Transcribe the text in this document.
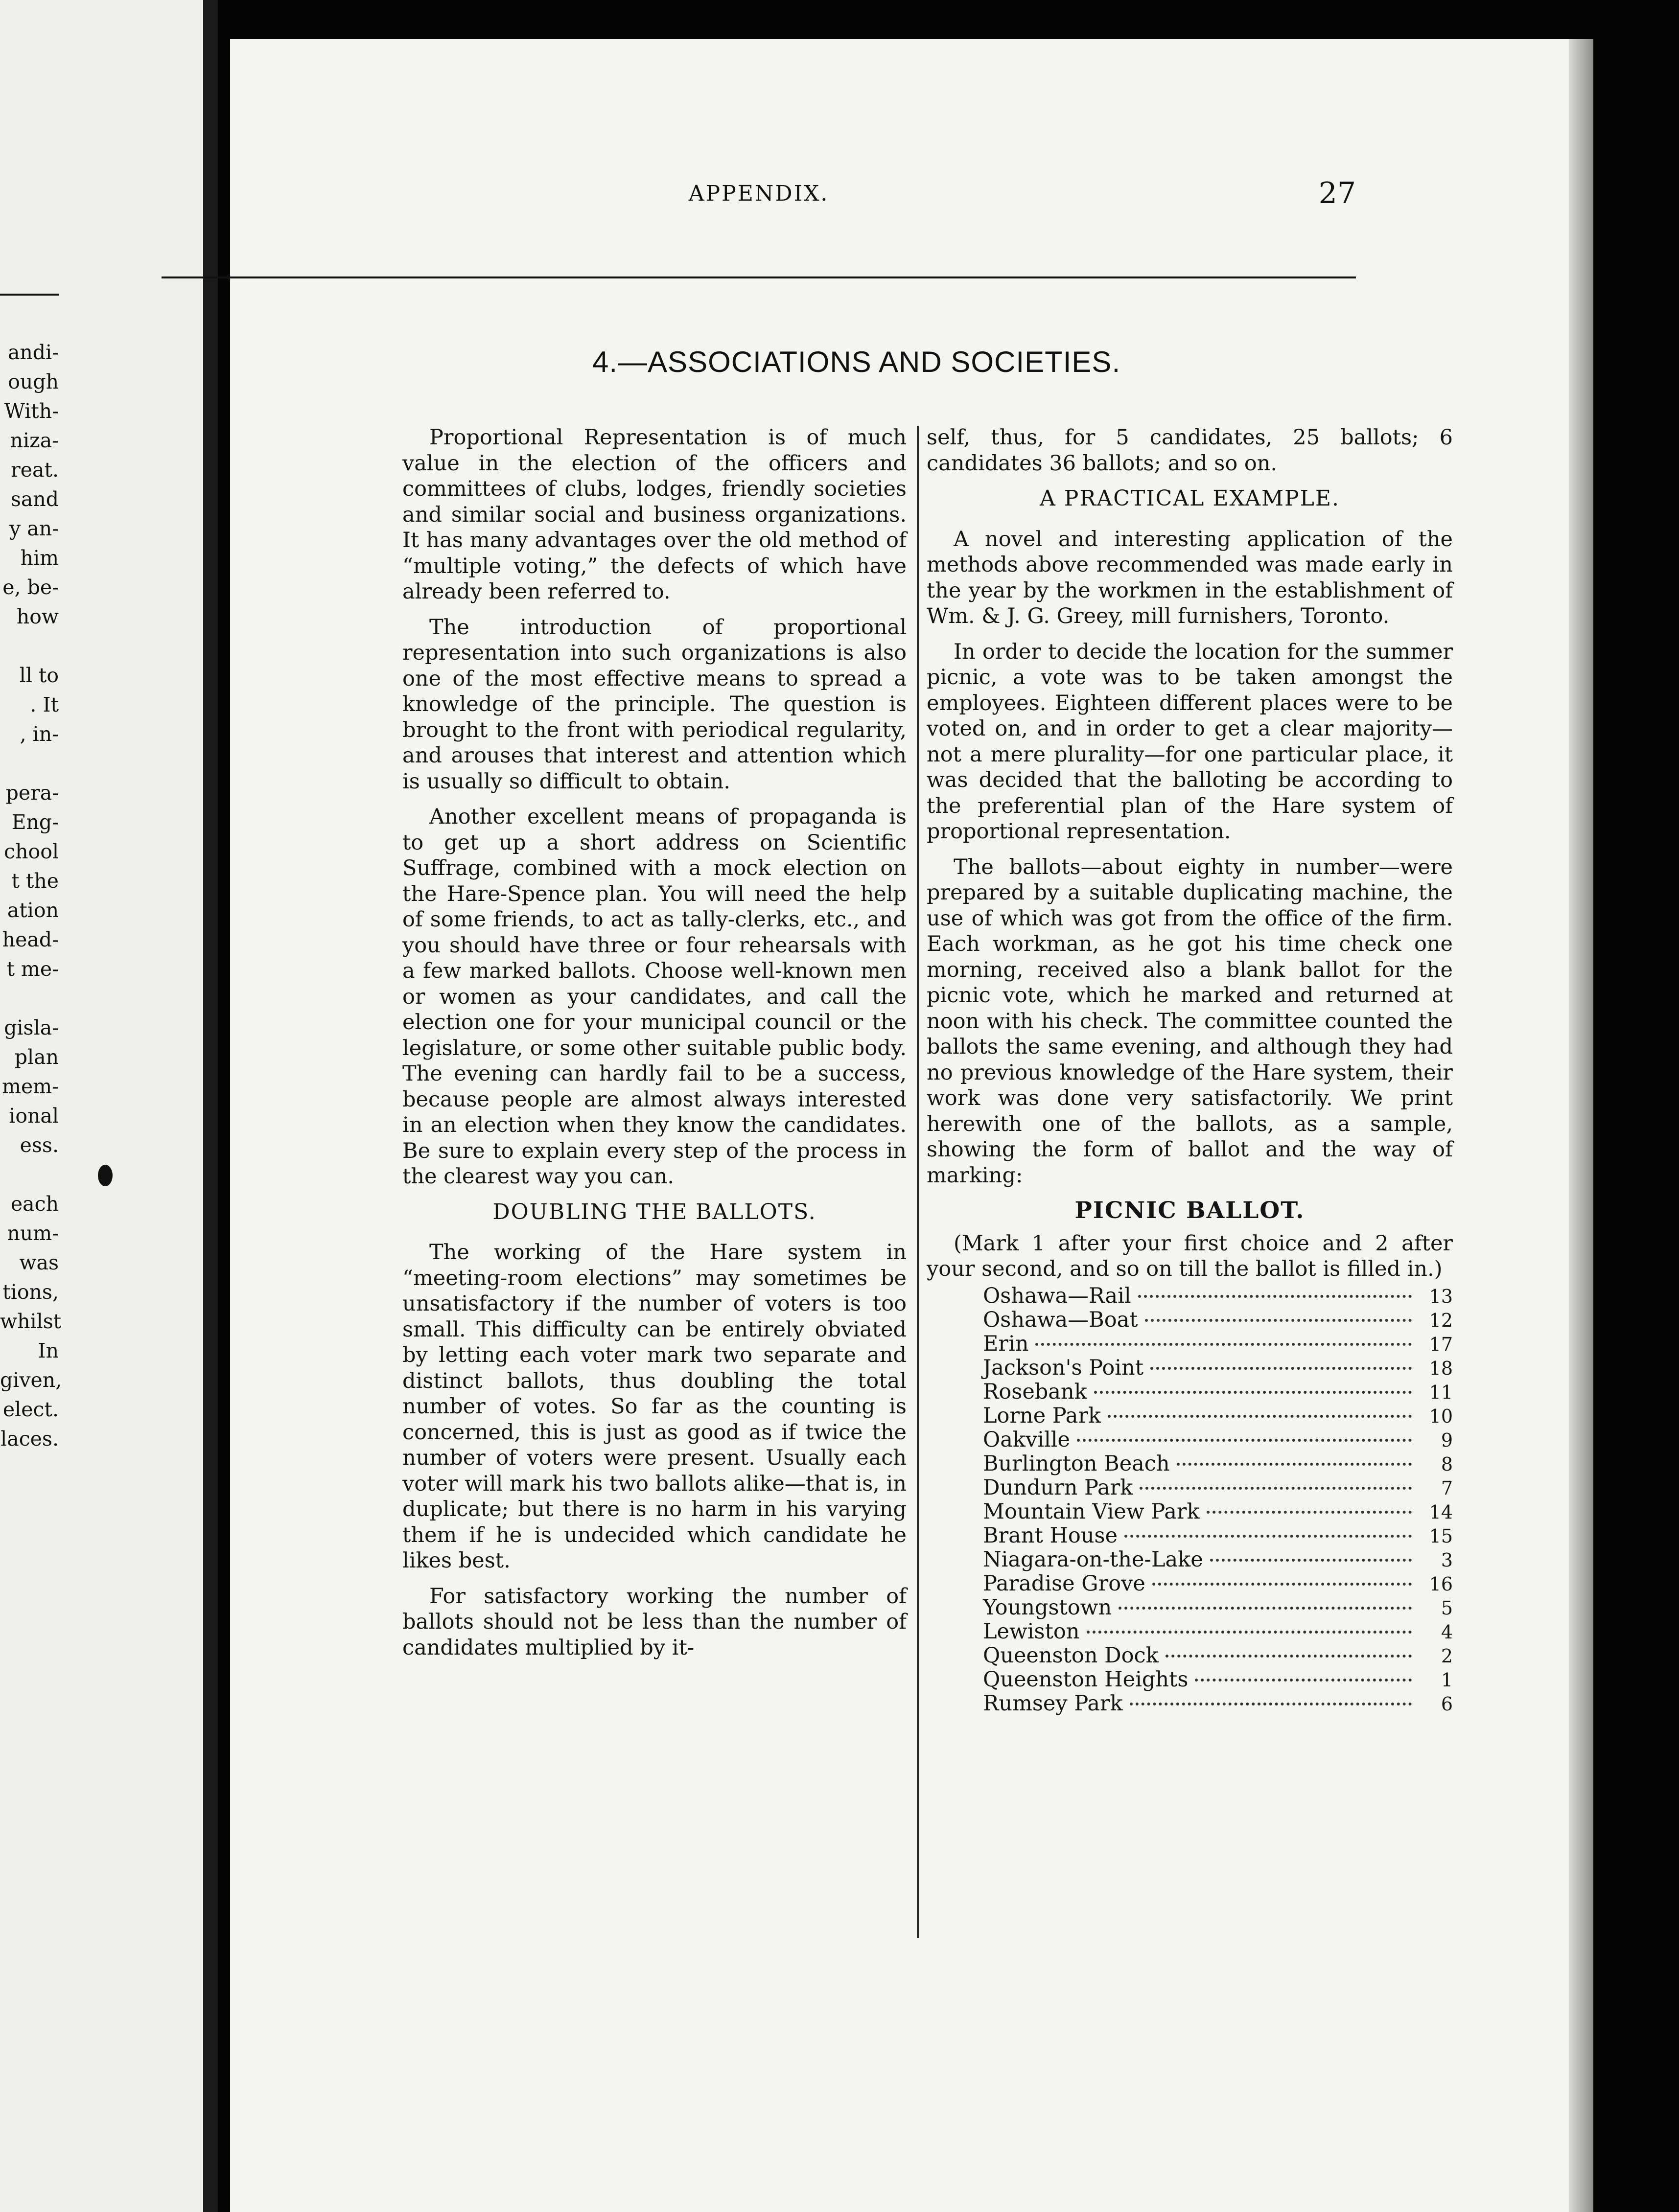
andi-
ough
With-
niza-
reat.
sand
y an-
him
e, be-
how

ll to
. It
, in-

pera-
Eng-
chool
t the
ation
head-
t me-

gisla-
plan
mem-
ional
ess.

each
num-
was
tions,
whilst
In
given,
elect.
laces.
APPENDIX.	27
4.—ASSOCIATIONS AND SOCIETIES.

Proportional Representation is of much value in the election of the officers and committees of clubs, lodges, friendly societies and similar social and business organizations. It has many advantages over the old method of “multiple voting,” the defects of which have already been referred to.

The introduction of proportional representation into such organizations is also one of the most effective means to spread a knowledge of the principle. The question is brought to the front with periodical regularity, and arouses that interest and attention which is usually so difficult to obtain.

Another excellent means of propaganda is to get up a short address on Scientific Suffrage, combined with a mock election on the Hare-Spence plan. You will need the help of some friends, to act as tally-clerks, etc., and you should have three or four rehearsals with a few marked ballots. Choose well-known men or women as your candidates, and call the election one for your municipal council or the legislature, or some other suitable public body. The evening can hardly fail to be a success, because people are almost always interested in an election when they know the candidates. Be sure to explain every step of the process in the clearest way you can.

DOUBLING THE BALLOTS.

The working of the Hare system in “meeting-room elections” may sometimes be unsatisfactory if the number of voters is too small. This difficulty can be entirely obviated by letting each voter mark two separate and distinct ballots, thus doubling the total number of votes. So far as the counting is concerned, this is just as good as if twice the number of voters were present. Usually each voter will mark his two ballots alike—that is, in duplicate; but there is no harm in his varying them if he is undecided which candidate he likes best.

For satisfactory working the number of ballots should not be less than the number of candidates multiplied by it-

self, thus, for 5 candidates, 25 ballots; 6 candidates 36 ballots; and so on.

A PRACTICAL EXAMPLE.

A novel and interesting application of the methods above recommended was made early in the year by the workmen in the establishment of Wm. & J. G. Greey, mill furnishers, Toronto.

In order to decide the location for the summer picnic, a vote was to be taken amongst the employees. Eighteen different places were to be voted on, and in order to get a clear majority—not a mere plurality—for one particular place, it was decided that the balloting be according to the preferential plan of the Hare system of proportional representation.

The ballots—about eighty in number—were prepared by a suitable duplicating machine, the use of which was got from the office of the firm. Each workman, as he got his time check one morning, received also a blank ballot for the picnic vote, which he marked and returned at noon with his check. The committee counted the ballots the same evening, and although they had no previous knowledge of the Hare system, their work was done very satisfactorily. We print herewith one of the ballots, as a sample, showing the form of ballot and the way of marking:

PICNIC BALLOT.

(Mark 1 after your first choice and 2 after your second, and so on till the ballot is filled in.)

Oshawa—Rail	13
Oshawa—Boat	12
Erin	17
Jackson's Point	18
Rosebank	11
Lorne Park	10
Oakville	9
Burlington Beach	8
Dundurn Park	7
Mountain View Park	14
Brant House	15
Niagara-on-the-Lake	3
Paradise Grove	16
Youngstown	5
Lewiston	4
Queenston Dock	2
Queenston Heights	1
Rumsey Park	6
